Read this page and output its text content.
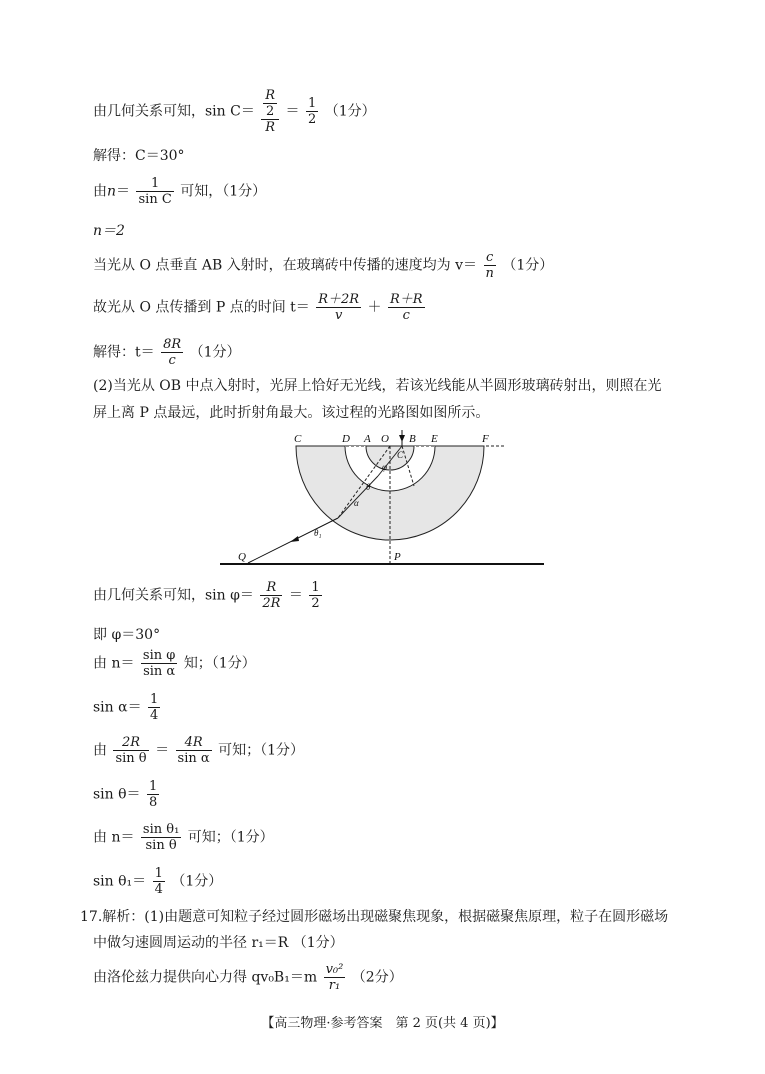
由几何关系可知，$\sin C= \frac{\frac{R}{2}}{R} = \frac{1}{2} (1$分）
解得：C＝30°
由$n= \frac{1}{\text{sin C}}$ 可知，（1分）
n＝2
当光从 O 点垂直 AB 入射时，在玻璃砖中传播的速度均为 $v= \frac{c}{n} (1$分）
故光从 O 点传播到 P 点的时间 $t= \frac{R+2R}{v} + \frac{R+R}{c}$
解得：$t= \frac{8R}{c} (1$分）
(2)当光从 OB 中点入射时，光屏上恰好无光线，若该光线能从半圆形玻璃砖射出，则照在光
屏上离 P 点最远，此时折射角最大。该过程的光路图如图所示。
C	D A O B E	F
P
Q
φ
C
α
θ
θ₁
由几何关系可知，$\sin \varphi= \frac{R}{2R} = \frac{1}{2}$
即 φ＝30°
由 $n= \frac{\text{sin φ}}{\text{sin α}}$ 知；（1分）
$\sin \alpha= \frac{1}{4}$
由 $\frac{2R}{\text{sin θ}} = \frac{4R}{\text{sin α}}$ 可知；（1分）
$\sin \theta= \frac{1}{8}$
由 $n= \frac{\text{sin θ₁}}{\text{sin θ}}$ 可知；（1分）
$\sin \theta_1= \frac{1}{4} (1$分）
17.解析：(1)由题意可知粒子经过圆形磁场出现磁聚焦现象，根据磁聚焦原理，粒子在圆形磁场
中做匀速圆周运动的半径 r₁＝R （1分）
由洛伦兹力提供向心力得 $qv_0B_1=m \frac{\text{v₀²}}{\text{r₁}} (2$分）
【高三物理·参考答案　第 2 页(共 4 页)】
